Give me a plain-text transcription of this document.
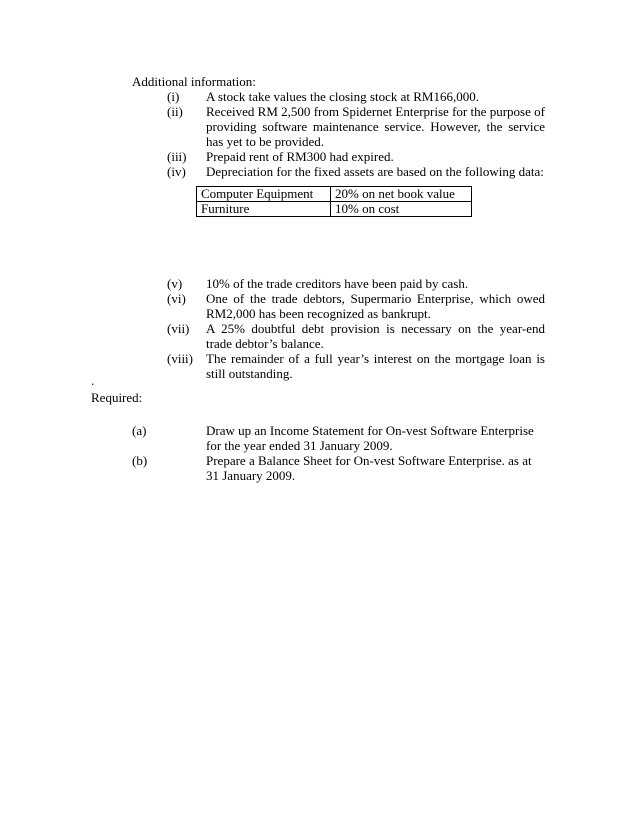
Additional information:
(i)	A stock take values the closing stock at RM166,000.
(ii)	Received RM 2,500 from Spidernet Enterprise for the purpose of providing software maintenance service. However, the service has yet to be provided.
(iii)	Prepaid rent of RM300 had expired.
(iv)	Depreciation for the fixed assets are based on the following data:
Computer Equipment	20% on net book value
Furniture	10% on cost
(v)	10% of the trade creditors have been paid by cash.
(vi)	One of the trade debtors, Supermario Enterprise, which owed RM2,000 has been recognized as bankrupt.
(vii)	A 25% doubtful debt provision is necessary on the year-end trade debtor’s balance.
(viii)	The remainder of a full year’s interest on the mortgage loan is still outstanding.
.
Required:
(a)	Draw up an Income Statement for On-vest Software Enterprise for the year ended 31 January 2009.
(b)	Prepare a Balance Sheet for On-vest Software Enterprise. as at 31 January 2009.
